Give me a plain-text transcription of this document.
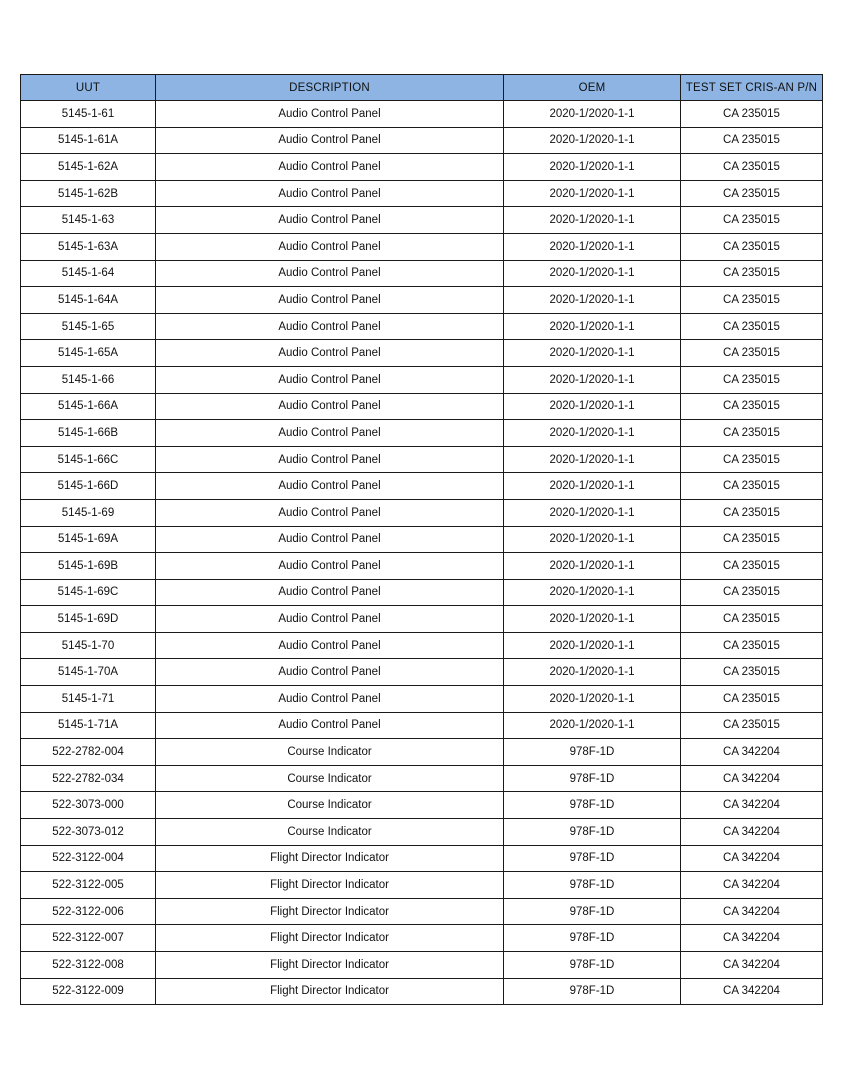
UUT	DESCRIPTION	OEM	TEST SET CRIS-AN P/N
5145-1-61	Audio Control Panel	2020-1/2020-1-1	CA 235015
5145-1-61A	Audio Control Panel	2020-1/2020-1-1	CA 235015
5145-1-62A	Audio Control Panel	2020-1/2020-1-1	CA 235015
5145-1-62B	Audio Control Panel	2020-1/2020-1-1	CA 235015
5145-1-63	Audio Control Panel	2020-1/2020-1-1	CA 235015
5145-1-63A	Audio Control Panel	2020-1/2020-1-1	CA 235015
5145-1-64	Audio Control Panel	2020-1/2020-1-1	CA 235015
5145-1-64A	Audio Control Panel	2020-1/2020-1-1	CA 235015
5145-1-65	Audio Control Panel	2020-1/2020-1-1	CA 235015
5145-1-65A	Audio Control Panel	2020-1/2020-1-1	CA 235015
5145-1-66	Audio Control Panel	2020-1/2020-1-1	CA 235015
5145-1-66A	Audio Control Panel	2020-1/2020-1-1	CA 235015
5145-1-66B	Audio Control Panel	2020-1/2020-1-1	CA 235015
5145-1-66C	Audio Control Panel	2020-1/2020-1-1	CA 235015
5145-1-66D	Audio Control Panel	2020-1/2020-1-1	CA 235015
5145-1-69	Audio Control Panel	2020-1/2020-1-1	CA 235015
5145-1-69A	Audio Control Panel	2020-1/2020-1-1	CA 235015
5145-1-69B	Audio Control Panel	2020-1/2020-1-1	CA 235015
5145-1-69C	Audio Control Panel	2020-1/2020-1-1	CA 235015
5145-1-69D	Audio Control Panel	2020-1/2020-1-1	CA 235015
5145-1-70	Audio Control Panel	2020-1/2020-1-1	CA 235015
5145-1-70A	Audio Control Panel	2020-1/2020-1-1	CA 235015
5145-1-71	Audio Control Panel	2020-1/2020-1-1	CA 235015
5145-1-71A	Audio Control Panel	2020-1/2020-1-1	CA 235015
522-2782-004	Course Indicator	978F-1D	CA 342204
522-2782-034	Course Indicator	978F-1D	CA 342204
522-3073-000	Course Indicator	978F-1D	CA 342204
522-3073-012	Course Indicator	978F-1D	CA 342204
522-3122-004	Flight Director Indicator	978F-1D	CA 342204
522-3122-005	Flight Director Indicator	978F-1D	CA 342204
522-3122-006	Flight Director Indicator	978F-1D	CA 342204
522-3122-007	Flight Director Indicator	978F-1D	CA 342204
522-3122-008	Flight Director Indicator	978F-1D	CA 342204
522-3122-009	Flight Director Indicator	978F-1D	CA 342204
